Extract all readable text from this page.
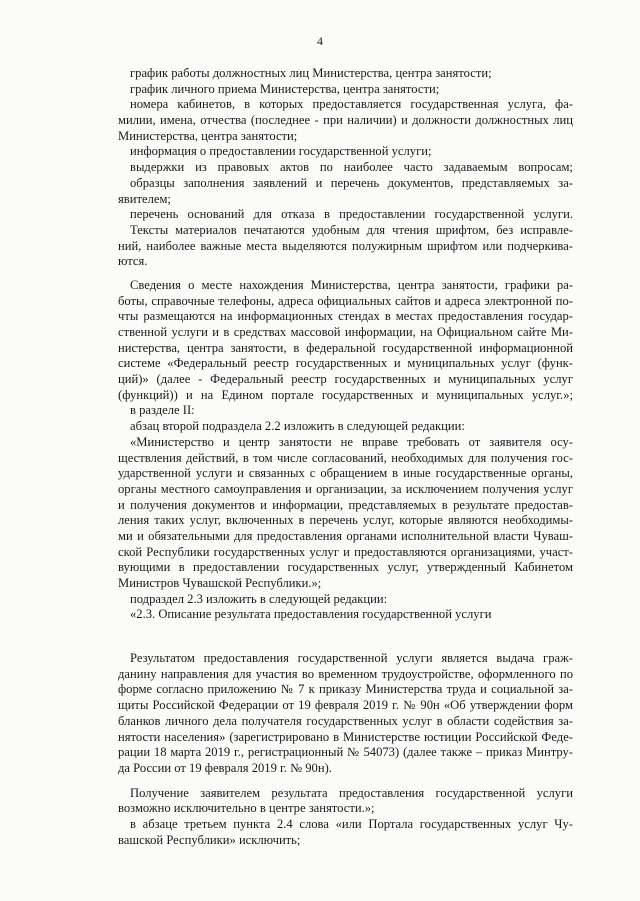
4
график работы должностных лиц Министерства, центра занятости;
график личного приема Министерства, центра занятости;
номера кабинетов, в которых предоставляется государственная услуга, фа-
милии, имена, отчества (последнее - при наличии) и должности должностных лиц
Министерства, центра занятости;
информация о предоставлении государственной услуги;
выдержки из правовых актов по наиболее часто задаваемым вопросам;
образцы заполнения заявлений и перечень документов, представляемых за-
явителем;
перечень оснований для отказа в предоставлении государственной услуги.
Тексты материалов печатаются удобным для чтения шрифтом, без исправле-
ний, наиболее важные места выделяются полужирным шрифтом или подчеркива-
ются.
Сведения о месте нахождения Министерства, центра занятости, графики ра-
боты, справочные телефоны, адреса официальных сайтов и адреса электронной по-
чты размещаются на информационных стендах в местах предоставления государ-
ственной услуги и в средствах массовой информации, на Официальном сайте Ми-
нистерства, центра занятости, в федеральной государственной информационной
системе «Федеральный реестр государственных и муниципальных услуг (функ-
ций)» (далее - Федеральный реестр государственных и муниципальных услуг
(функций)) и на Едином портале государственных и муниципальных услуг.»;
в разделе II:
абзац второй подраздела 2.2 изложить в следующей редакции:
«Министерство и центр занятости не вправе требовать от заявителя осу-
ществления действий, в том числе согласований, необходимых для получения гос-
ударственной услуги и связанных с обращением в иные государственные органы,
органы местного самоуправления и организации, за исключением получения услуг
и получения документов и информации, представляемых в результате предостав-
ления таких услуг, включенных в перечень услуг, которые являются необходимы-
ми и обязательными для предоставления органами исполнительной власти Чуваш-
ской Республики государственных услуг и предоставляются организациями, участ-
вующими в предоставлении государственных услуг, утвержденный Кабинетом
Министров Чувашской Республики.»;
подраздел 2.3 изложить в следующей редакции:
«2.3. Описание результата предоставления государственной услуги
Результатом предоставления государственной услуги является выдача граж-
данину направления для участия во временном трудоустройстве, оформленного по
форме согласно приложению № 7 к приказу Министерства труда и социальной за-
щиты Российской Федерации от 19 февраля 2019 г. № 90н «Об утверждении форм
бланков личного дела получателя государственных услуг в области содействия за-
нятости населения» (зарегистрировано в Министерстве юстиции Российской Феде-
рации 18 марта 2019 г., регистрационный № 54073) (далее также – приказ Минтру-
да России от 19 февраля 2019 г. № 90н).
Получение заявителем результата предоставления государственной услуги
возможно исключительно в центре занятости.»;
в абзаце третьем пункта 2.4 слова «или Портала государственных услуг Чу-
вашской Республики» исключить;
